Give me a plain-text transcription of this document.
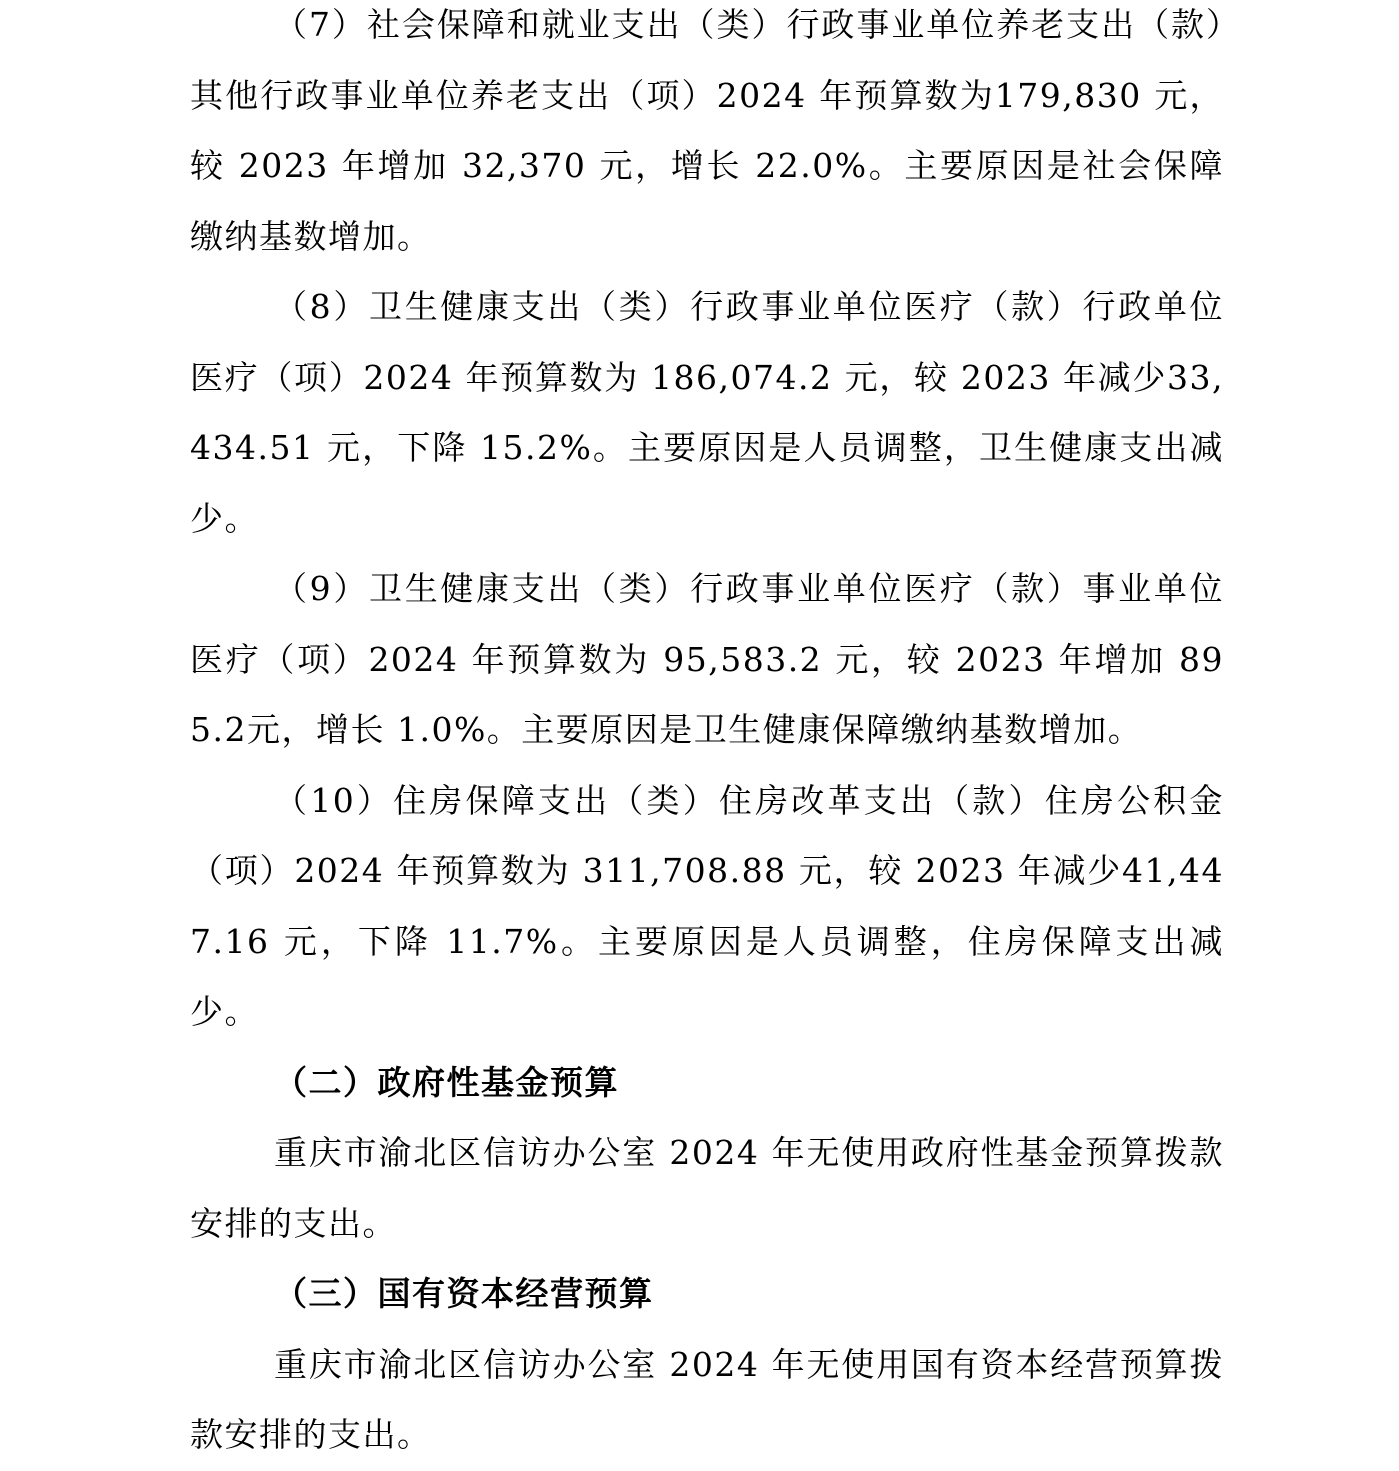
（7）社会保障和就业支出（类）行政事业单位养老支出（款）其他行政事业单位养老支出（项）2024 年预算数为179,830 元，较 2023 年增加 32,370 元，增长 22.0%。主要原因是社会保障缴纳基数增加。

（8）卫生健康支出（类）行政事业单位医疗（款）行政单位医疗（项）2024 年预算数为 186,074.2 元，较 2023 年减少33,434.51 元，下降 15.2%。主要原因是人员调整，卫生健康支出减少。

（9）卫生健康支出（类）行政事业单位医疗（款）事业单位医疗（项）2024 年预算数为 95,583.2 元，较 2023 年增加 895.2元，增长 1.0%。主要原因是卫生健康保障缴纳基数增加。

（10）住房保障支出（类）住房改革支出（款）住房公积金（项）2024 年预算数为 311,708.88 元，较 2023 年减少41,447.16 元，下降 11.7%。主要原因是人员调整，住房保障支出减少。

（二）政府性基金预算

重庆市渝北区信访办公室 2024 年无使用政府性基金预算拨款安排的支出。

（三）国有资本经营预算

重庆市渝北区信访办公室 2024 年无使用国有资本经营预算拨款安排的支出。
